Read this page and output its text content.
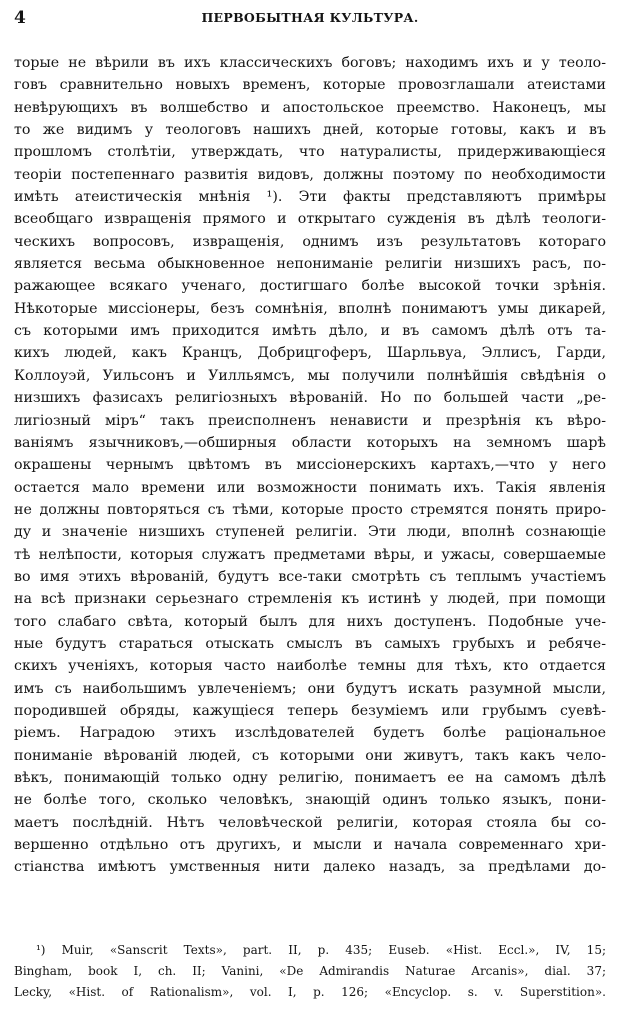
4	ПЕРВОБЫТНАЯ КУЛЬТУРА.
торые не вѣрили въ ихъ классическихъ боговъ; находимъ ихъ и у теоло-
говъ сравнительно новыхъ временъ, которые провозглашали атеистами
невѣрующихъ въ волшебство и апостольское преемство. Наконецъ, мы
то же видимъ у теологовъ нашихъ дней, которые готовы, какъ и въ
прошломъ столѣтіи, утверждать, что натуралисты, придерживающіеся
теоріи постепеннаго развитія видовъ, должны поэтому по необходимости
имѣть атеистическія мнѣнія ¹). Эти факты представляютъ примѣры
всеобщаго извращенія прямого и открытаго сужденія въ дѣлѣ теологи-
ческихъ вопросовъ, извращенія, однимъ изъ результатовъ котораго
является весьма обыкновенное непониманіе религіи низшихъ расъ, по-
ражающее всякаго ученаго, достигшаго болѣе высокой точки зрѣнія.
Нѣкоторые миссіонеры, безъ сомнѣнія, вполнѣ понимаютъ умы дикарей,
съ которыми имъ приходится имѣть дѣло, и въ самомъ дѣлѣ отъ та-
кихъ людей, какъ Кранцъ, Добрицгоферъ, Шарльвуа, Эллисъ, Гарди,
Коллоуэй, Уильсонъ и Уилльямсъ, мы получили полнѣйшія свѣдѣнія о
низшихъ фазисахъ религіозныхъ вѣрованій. Но по большей части „ре-
лигіозный міръ“ такъ преисполненъ ненависти и презрѣнія къ вѣро-
ваніямъ язычниковъ,—обширныя области которыхъ на земномъ шарѣ
окрашены чернымъ цвѣтомъ въ миссіонерскихъ картахъ,—что у него
остается мало времени или возможности понимать ихъ. Такія явленія
не должны повторяться съ тѣми, которые просто стремятся понять приро-
ду и значеніе низшихъ ступеней религіи. Эти люди, вполнѣ сознающіе
тѣ нелѣпости, которыя служатъ предметами вѣры, и ужасы, совершаемые
во имя этихъ вѣрованій, будутъ все-таки смотрѣть съ теплымъ участіемъ
на всѣ признаки серьезнаго стремленія къ истинѣ у людей, при помощи
того слабаго свѣта, который былъ для нихъ доступенъ. Подобные уче-
ные будутъ стараться отыскать смыслъ въ самыхъ грубыхъ и ребяче-
скихъ ученіяхъ, которыя часто наиболѣе темны для тѣхъ, кто отдается
имъ съ наибольшимъ увлеченіемъ; они будутъ искать разумной мысли,
породившей обряды, кажущіеся теперь безуміемъ или грубымъ суевѣ-
ріемъ. Наградою этихъ изслѣдователей будетъ болѣе раціональное
пониманіе вѣрованій людей, съ которыми они живутъ, такъ какъ чело-
вѣкъ, понимающій только одну религію, понимаетъ ее на самомъ дѣлѣ
не болѣе того, сколько человѣкъ, знающій одинъ только языкъ, пони-
маетъ послѣдній. Нѣтъ человѣческой религіи, которая стояла бы со-
вершенно отдѣльно отъ другихъ, и мысли и начала современнаго хри-
стіанства имѣютъ умственныя нити далеко назадъ, за предѣлами до-
¹) Muir, «Sanscrit Texts», part. II, p. 435; Euseb. «Hist. Eccl.», IV, 15;
Bingham, book I, ch. II; Vanini, «De Admirandis Naturae Arcanis», dial. 37;
Lecky, «Hist. of Rationalism», vol. I, p. 126; «Encyclop. s. v. Superstition».
